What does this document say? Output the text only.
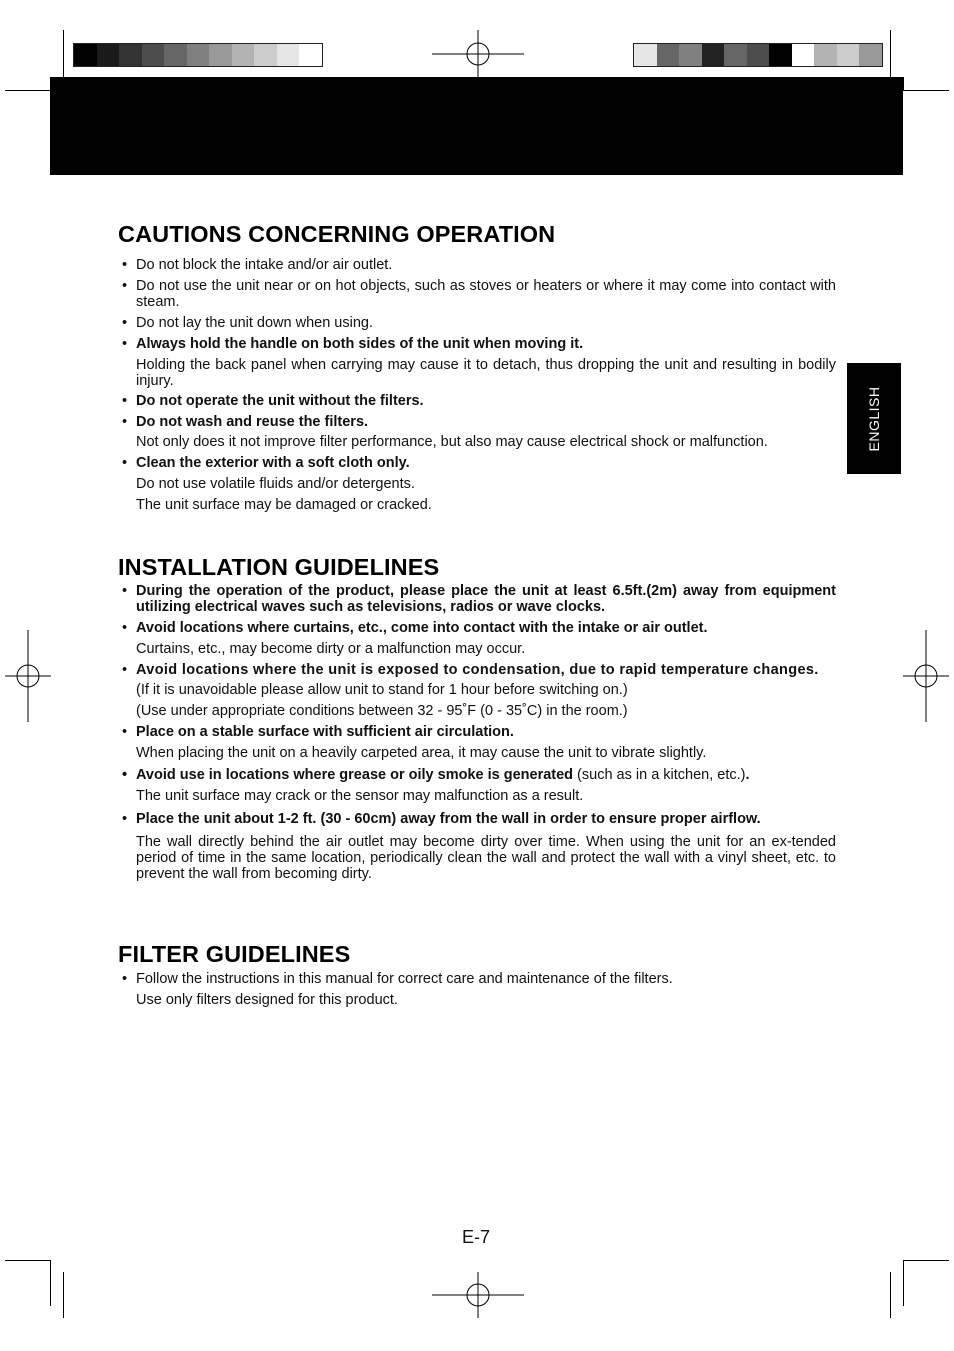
ENGLISH
CAUTIONS CONCERNING OPERATION
• Do not block the intake and/or air outlet.
• Do not use the unit near or on hot objects, such as stoves or heaters or where it may come into contact with steam.
• Do not lay the unit down when using.
• Always hold the handle on both sides of the unit when moving it.
Holding the back panel when carrying may cause it to detach, thus dropping the unit and resulting in bodily injury.
• Do not operate the unit without the filters.
• Do not wash and reuse the filters.
Not only does it not improve filter performance, but also may cause electrical shock or malfunction.
• Clean the exterior with a soft cloth only.
Do not use volatile fluids and/or detergents.
The unit surface may be damaged or cracked.
INSTALLATION GUIDELINES
• During the operation of the product, please place the unit at least 6.5ft.(2m) away from equipment utilizing electrical waves such as televisions, radios or wave clocks.
• Avoid locations where curtains, etc., come into contact with the intake or air outlet.
Curtains, etc., may become dirty or a malfunction may occur.
• Avoid locations where the unit is exposed to condensation, due to rapid temperature changes.
(If it is unavoidable please allow unit to stand for 1 hour before switching on.)
(Use under appropriate conditions between 32 - 95˚F (0 - 35˚C) in the room.)
• Place on a stable surface with sufficient air circulation.
When placing the unit on a heavily carpeted area, it may cause the unit to vibrate slightly.
• Avoid use in locations where grease or oily smoke is generated (such as in a kitchen, etc.).
The unit surface may crack or the sensor may malfunction as a result.
• Place the unit about 1-2 ft. (30 - 60cm) away from the wall in order to ensure proper airflow.
The wall directly behind the air outlet may become dirty over time. When using the unit for an ex-tended period of time in the same location, periodically clean the wall and protect the wall with a vinyl sheet, etc. to prevent the wall from becoming dirty.
FILTER GUIDELINES
• Follow the instructions in this manual for correct care and maintenance of the filters.
Use only filters designed for this product.
E-7
